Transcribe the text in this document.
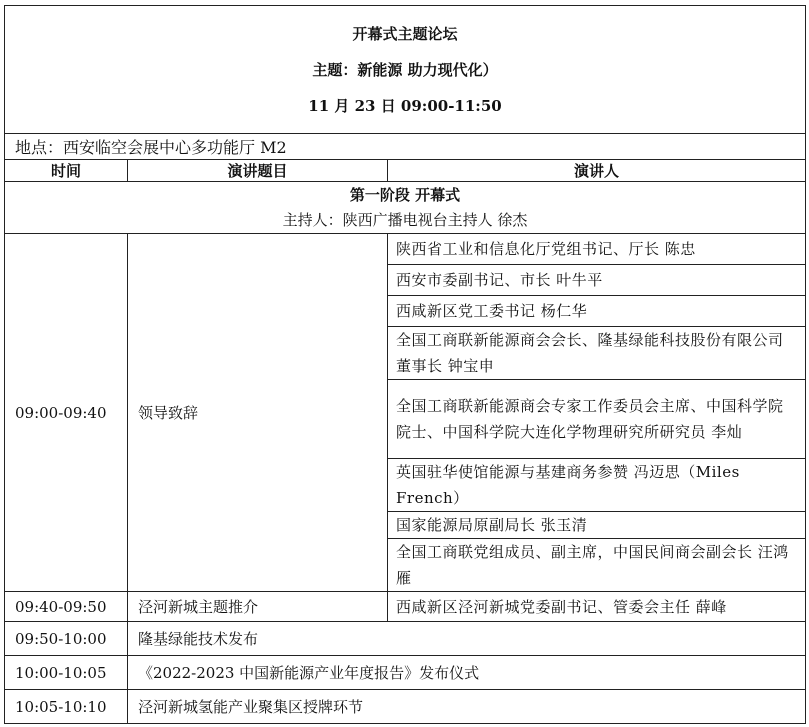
开幕式主题论坛
主题：新能源 助力现代化）
11 月 23 日 09:00-11:50		

地点：西安临空会展中心多功能厅 M2		
时间	演讲题目	演讲人

第一阶段 开幕式
主持人：陕西广播电视台主持人 徐杰		

09:00-09:40	领导致辞	陕西省工业和信息化厅党组书记、厅长 陈忠
		西安市委副书记、市长 叶牛平
		西咸新区党工委书记 杨仁华
		全国工商联新能源商会会长、隆基绿能科技股份有限公司董事长 钟宝申
		全国工商联新能源商会专家工作委员会主席、中国科学院院士、中国科学院大连化学物理研究所研究员 李灿
		英国驻华使馆能源与基建商务参赞 冯迈思（Miles French）
		国家能源局原副局长 张玉清
		全国工商联党组成员、副主席，中国民间商会副会长 汪鸿雁
09:40-09:50	泾河新城主题推介	西咸新区泾河新城党委副书记、管委会主任 薛峰
09:50-10:00	隆基绿能技术发布	
10:00-10:05	《2022-2023 中国新能源产业年度报告》发布仪式	
10:05-10:10	泾河新城氢能产业聚集区授牌环节	
